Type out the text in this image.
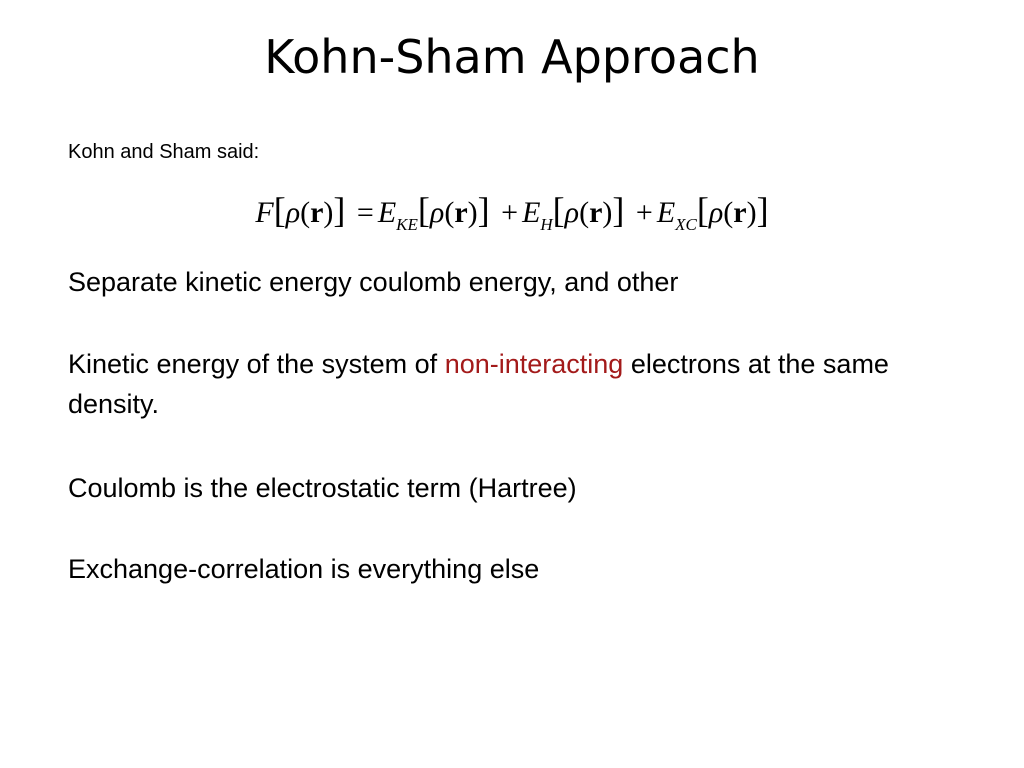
Kohn-Sham Approach
Kohn and Sham said:
$F[\rho(r)] = E_{KE}[\rho(r)] + E_H[\rho(r)] + E_{XC}[\rho(r)]$
Separate kinetic energy coulomb energy, and other
Kinetic energy of the system of non-interacting electrons at the same density.
Coulomb is the electrostatic term (Hartree)
Exchange-correlation is everything else
